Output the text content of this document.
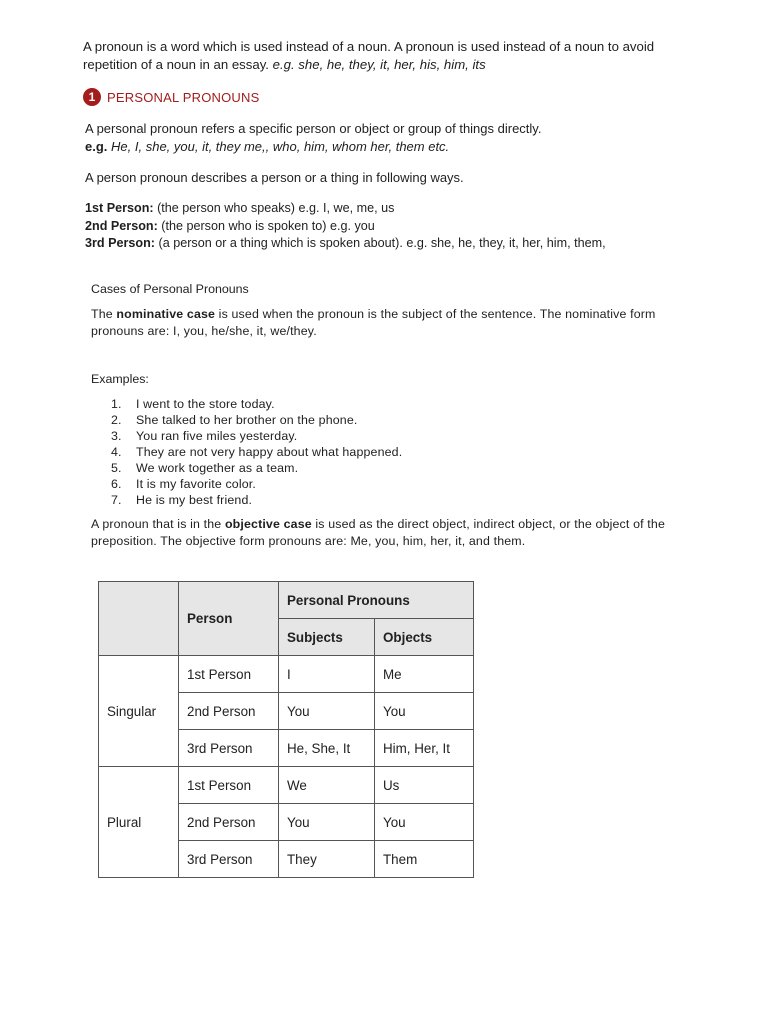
A pronoun is a word which is used instead of a noun. A pronoun is used instead of a noun to avoid repetition of a noun in an essay. e.g. she, he, they, it, her, his, him, its
1 PERSONAL PRONOUNS
A personal pronoun refers a specific person or object or group of things directly.
e.g. He, I, she, you, it, they me,, who, him, whom her, them etc.
A person pronoun describes a person or a thing in following ways.
1st Person: (the person who speaks) e.g. I, we, me, us
2nd Person: (the person who is spoken to) e.g. you
3rd Person: (a person or a thing which is spoken about). e.g. she, he, they, it, her, him, them,
Cases of Personal Pronouns
The nominative case is used when the pronoun is the subject of the sentence. The nominative form pronouns are: I, you, he/she, it, we/they.
Examples:
1.	I went to the store today.
2.	She talked to her brother on the phone.
3.	You ran five miles yesterday.
4.	They are not very happy about what happened.
5.	We work together as a team.
6.	It is my favorite color.
7.	He is my best friend.
A pronoun that is in the objective case is used as the direct object, indirect object, or the object of the preposition. The objective form pronouns are: Me, you, him, her, it, and them.
	Person	Personal Pronouns	
		Subjects	Objects
Singular	1st Person	I	Me
	2nd Person	You	You
	3rd Person	He, She, It	Him, Her, It
Plural	1st Person	We	Us
	2nd Person	You	You
	3rd Person	They	Them
